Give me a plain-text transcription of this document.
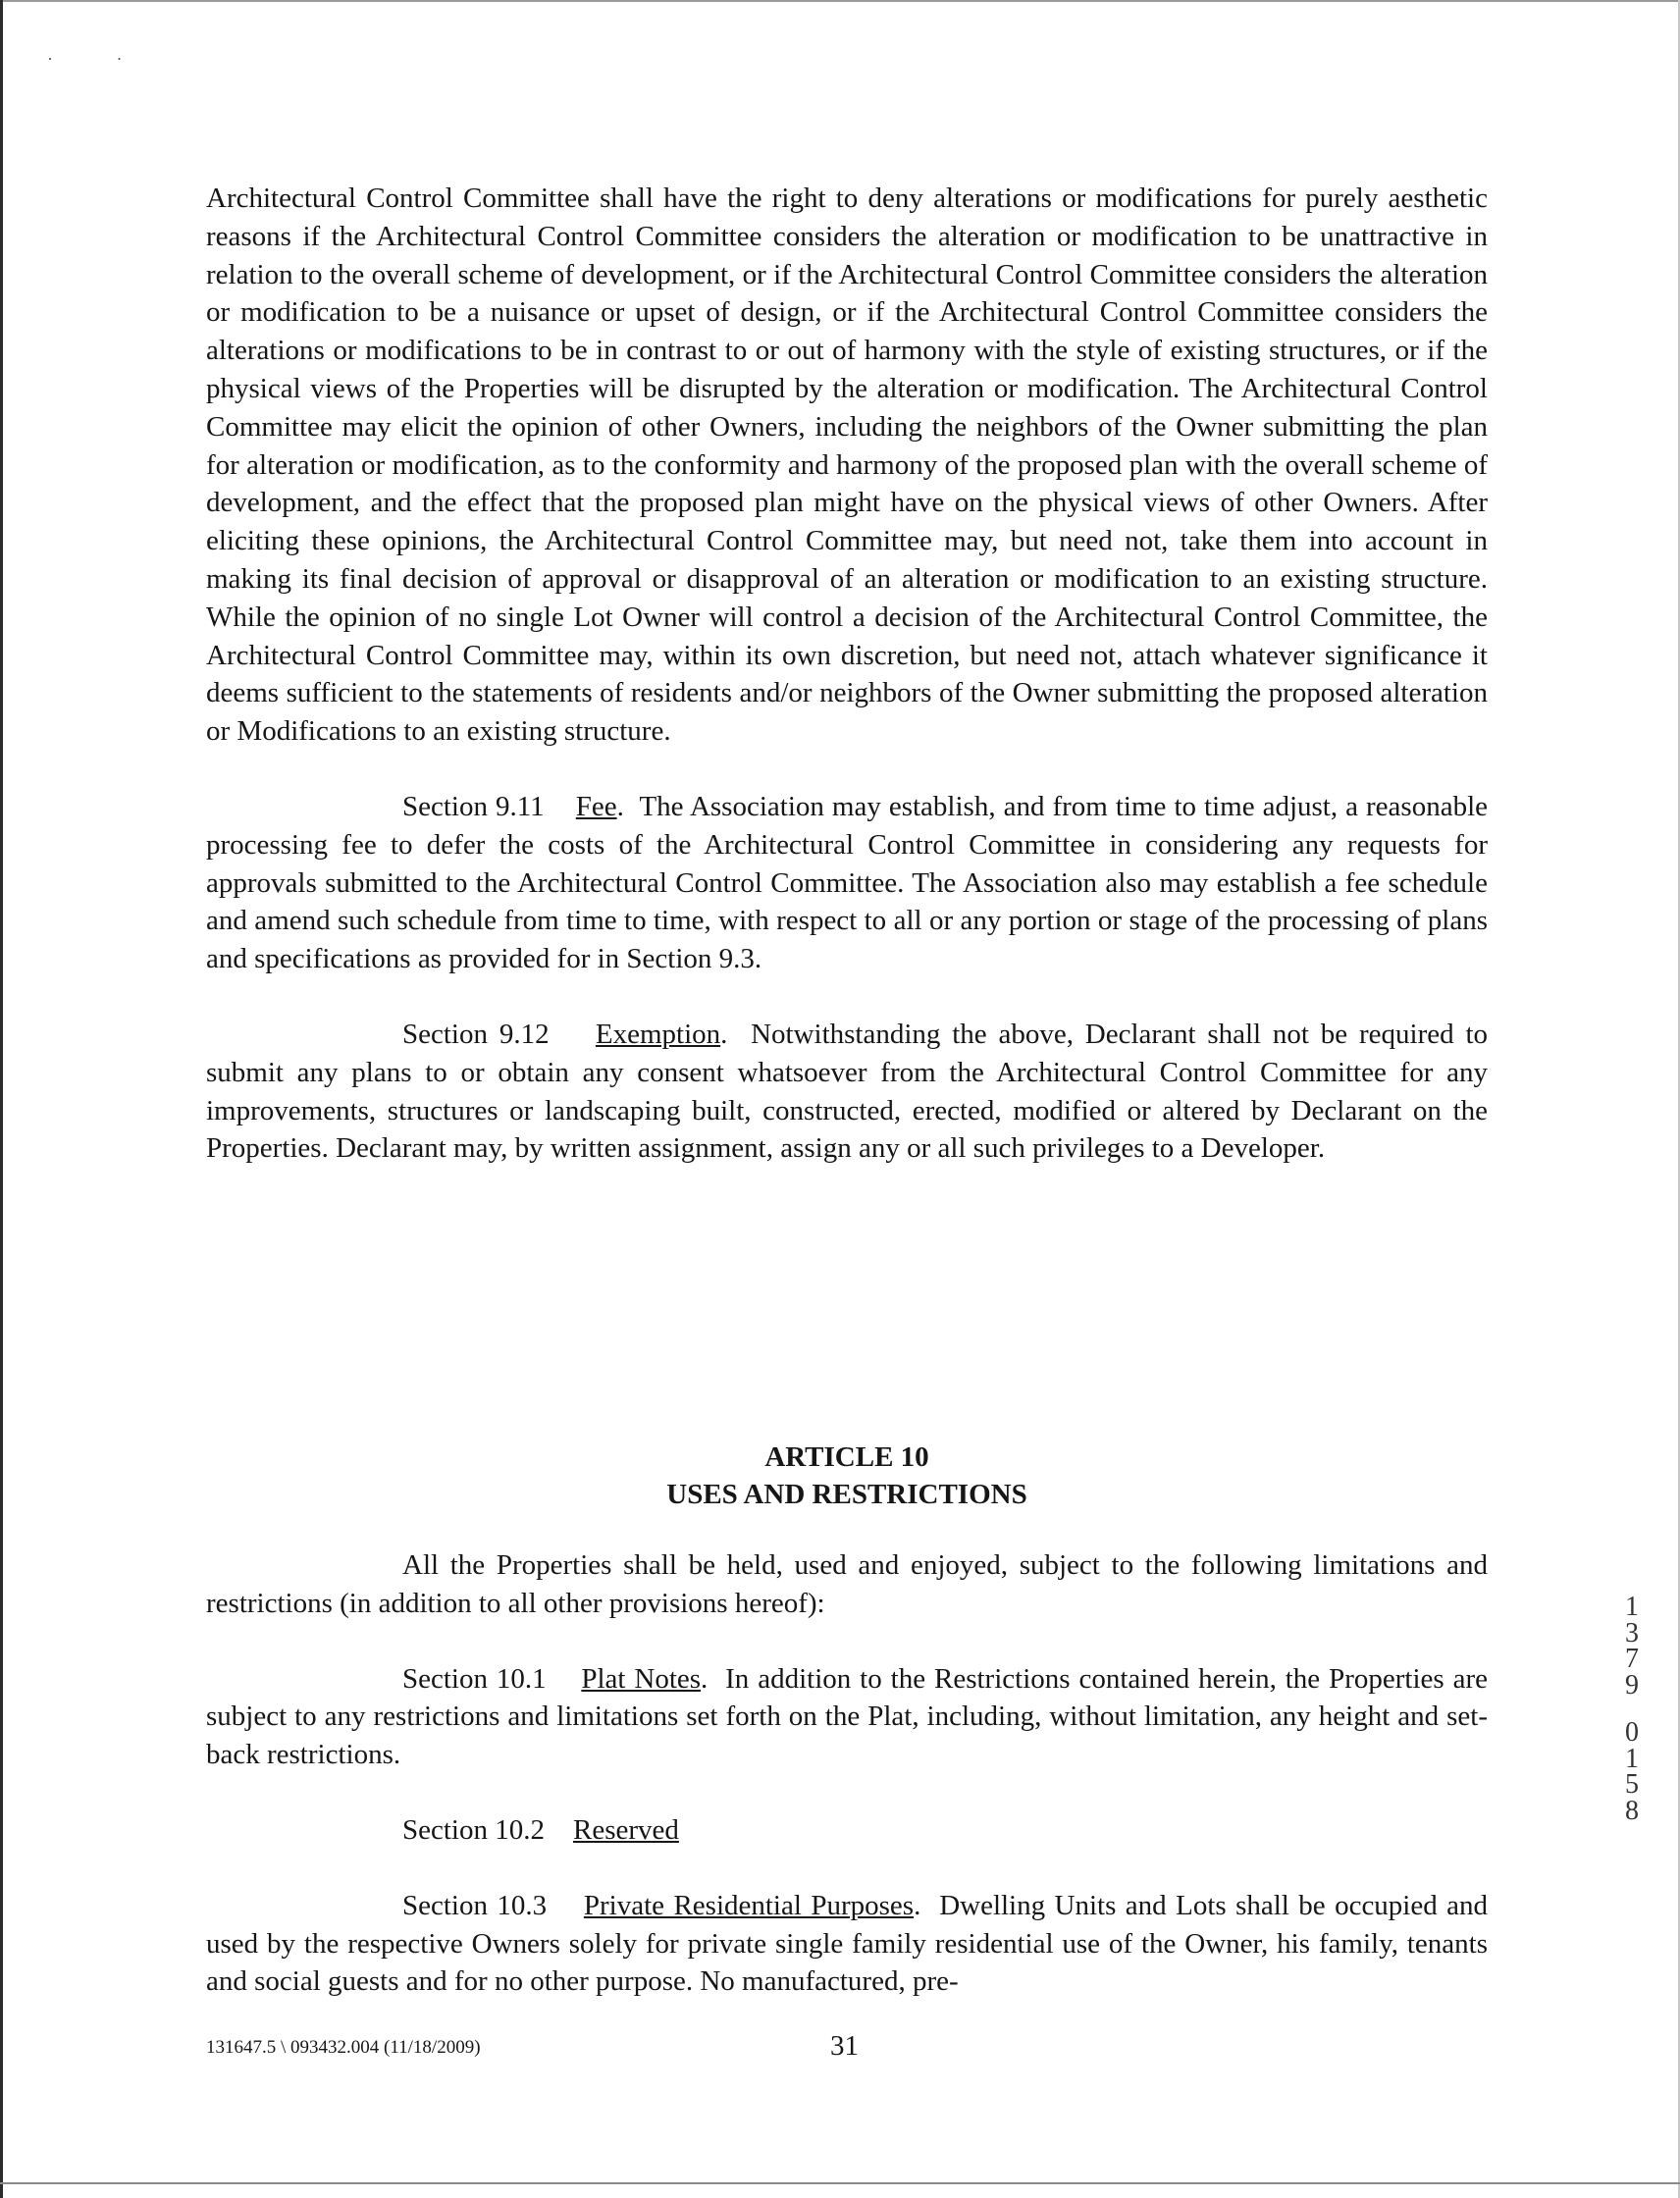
· ·

Architectural Control Committee shall have the right to deny alterations or modifications for purely aesthetic reasons if the Architectural Control Committee considers the alteration or modification to be unattractive in relation to the overall scheme of development, or if the Architectural Control Committee considers the alteration or modification to be a nuisance or upset of design, or if the Architectural Control Committee considers the alterations or modifications to be in contrast to or out of harmony with the style of existing structures, or if the physical views of the Properties will be disrupted by the alteration or modification. The Architectural Control Committee may elicit the opinion of other Owners, including the neighbors of the Owner submitting the plan for alteration or modification, as to the conformity and harmony of the proposed plan with the overall scheme of development, and the effect that the proposed plan might have on the physical views of other Owners. After eliciting these opinions, the Architectural Control Committee may, but need not, take them into account in making its final decision of approval or disapproval of an alteration or modification to an existing structure. While the opinion of no single Lot Owner will control a decision of the Architectural Control Committee, the Architectural Control Committee may, within its own discretion, but need not, attach whatever significance it deems sufficient to the statements of residents and/or neighbors of the Owner submitting the proposed alteration or Modifications to an existing structure.

Section 9.11 Fee.  The Association may establish, and from time to time adjust, a reasonable processing fee to defer the costs of the Architectural Control Committee in considering any requests for approvals submitted to the Architectural Control Committee. The Association also may establish a fee schedule and amend such schedule from time to time, with respect to all or any portion or stage of the processing of plans and specifications as provided for in Section 9.3.

Section 9.12 Exemption.  Notwithstanding the above, Declarant shall not be required to submit any plans to or obtain any consent whatsoever from the Architectural Control Committee for any improvements, structures or landscaping built, constructed, erected, modified or altered by Declarant on the Properties. Declarant may, by written assignment, assign any or all such privileges to a Developer.

ARTICLE 10
USES AND RESTRICTIONS

All the Properties shall be held, used and enjoyed, subject to the following limitations and restrictions (in addition to all other provisions hereof):

Section 10.1 Plat Notes.  In addition to the Restrictions contained herein, the Properties are subject to any restrictions and limitations set forth on the Plat, including, without limitation, any height and set-back restrictions.

Section 10.2 Reserved

Section 10.3 Private Residential Purposes.  Dwelling Units and Lots shall be occupied and used by the respective Owners solely for private single family residential use of the Owner, his family, tenants and social guests and for no other purpose. No manufactured, pre-

1
3
7
9
0
1
5
8
131647.5 \ 093432.004 (11/18/2009)	31
